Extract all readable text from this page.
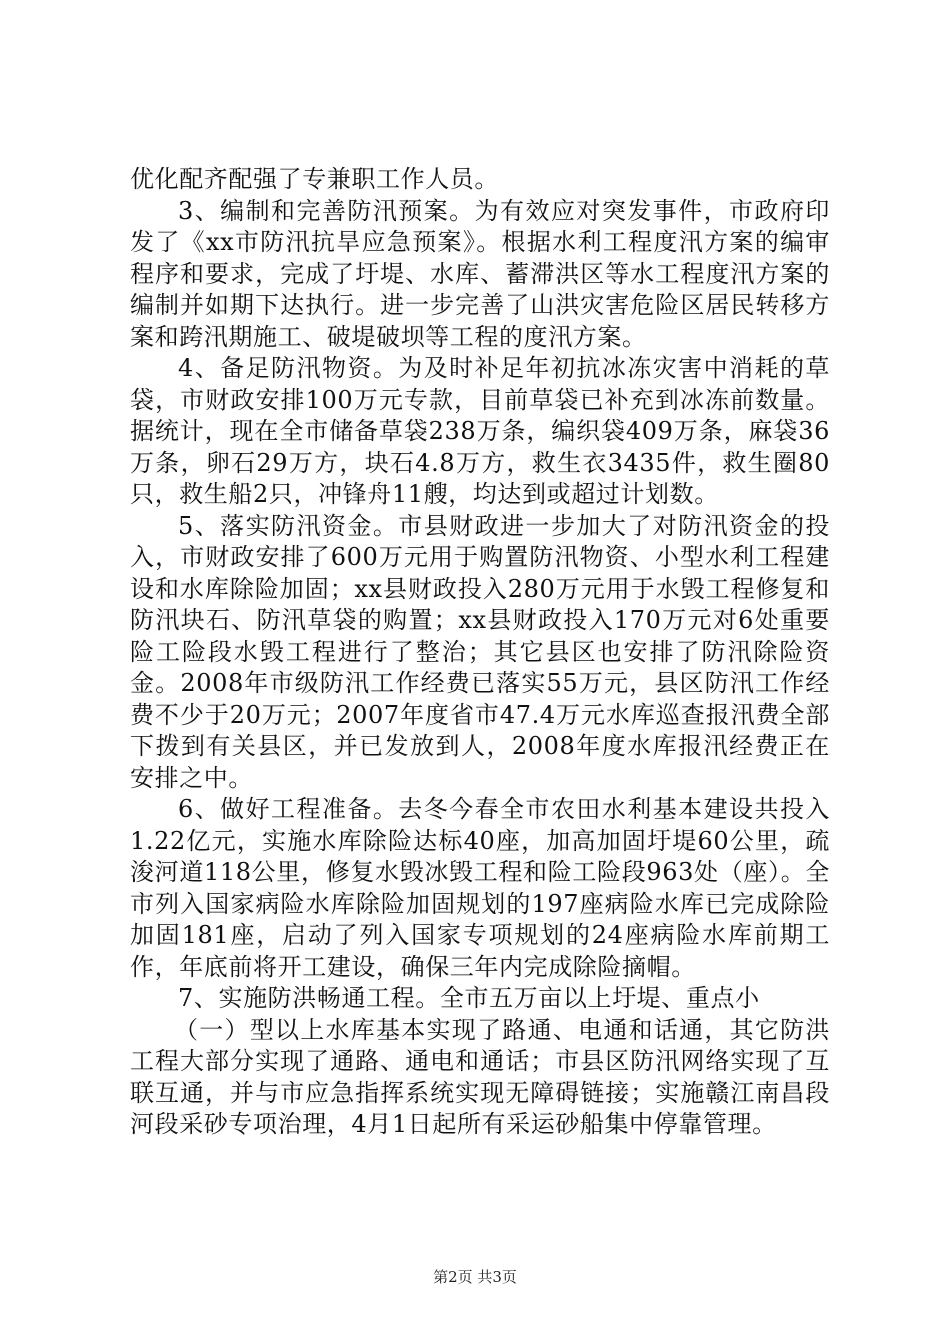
优化配齐配强了专兼职工作人员。

3、编制和完善防汛预案。为有效应对突发事件，市政府印发了《xx市防汛抗旱应急预案》。根据水利工程度汛方案的编审程序和要求，完成了圩堤、水库、蓄滞洪区等水工程度汛方案的编制并如期下达执行。进一步完善了山洪灾害危险区居民转移方案和跨汛期施工、破堤破坝等工程的度汛方案。

4、备足防汛物资。为及时补足年初抗冰冻灾害中消耗的草袋，市财政安排100万元专款，目前草袋已补充到冰冻前数量。据统计，现在全市储备草袋238万条，编织袋409万条，麻袋36万条，卵石29万方，块石4.8万方，救生衣3435件，救生圈80只，救生船2只，冲锋舟11艘，均达到或超过计划数。

5、落实防汛资金。市县财政进一步加大了对防汛资金的投入，市财政安排了600万元用于购置防汛物资、小型水利工程建设和水库除险加固；xx县财政投入280万元用于水毁工程修复和防汛块石、防汛草袋的购置；xx县财政投入170万元对6处重要险工险段水毁工程进行了整治；其它县区也安排了防汛除险资金。2008年市级防汛工作经费已落实55万元，县区防汛工作经费不少于20万元；2007年度省市47.4万元水库巡查报汛费全部下拨到有关县区，并已发放到人，2008年度水库报汛经费正在安排之中。

6、做好工程准备。去冬今春全市农田水利基本建设共投入1.22亿元，实施水库除险达标40座，加高加固圩堤60公里，疏浚河道118公里，修复水毁冰毁工程和险工险段963处（座）。全市列入国家病险水库除险加固规划的197座病险水库已完成除险加固181座，启动了列入国家专项规划的24座病险水库前期工作，年底前将开工建设，确保三年内完成除险摘帽。

7、实施防洪畅通工程。全市五万亩以上圩堤、重点小

（一）型以上水库基本实现了路通、电通和话通，其它防洪工程大部分实现了通路、通电和通话；市县区防汛网络实现了互联互通，并与市应急指挥系统实现无障碍链接；实施赣江南昌段河段采砂专项治理，4月1日起所有采运砂船集中停靠管理。

第2页 共3页
